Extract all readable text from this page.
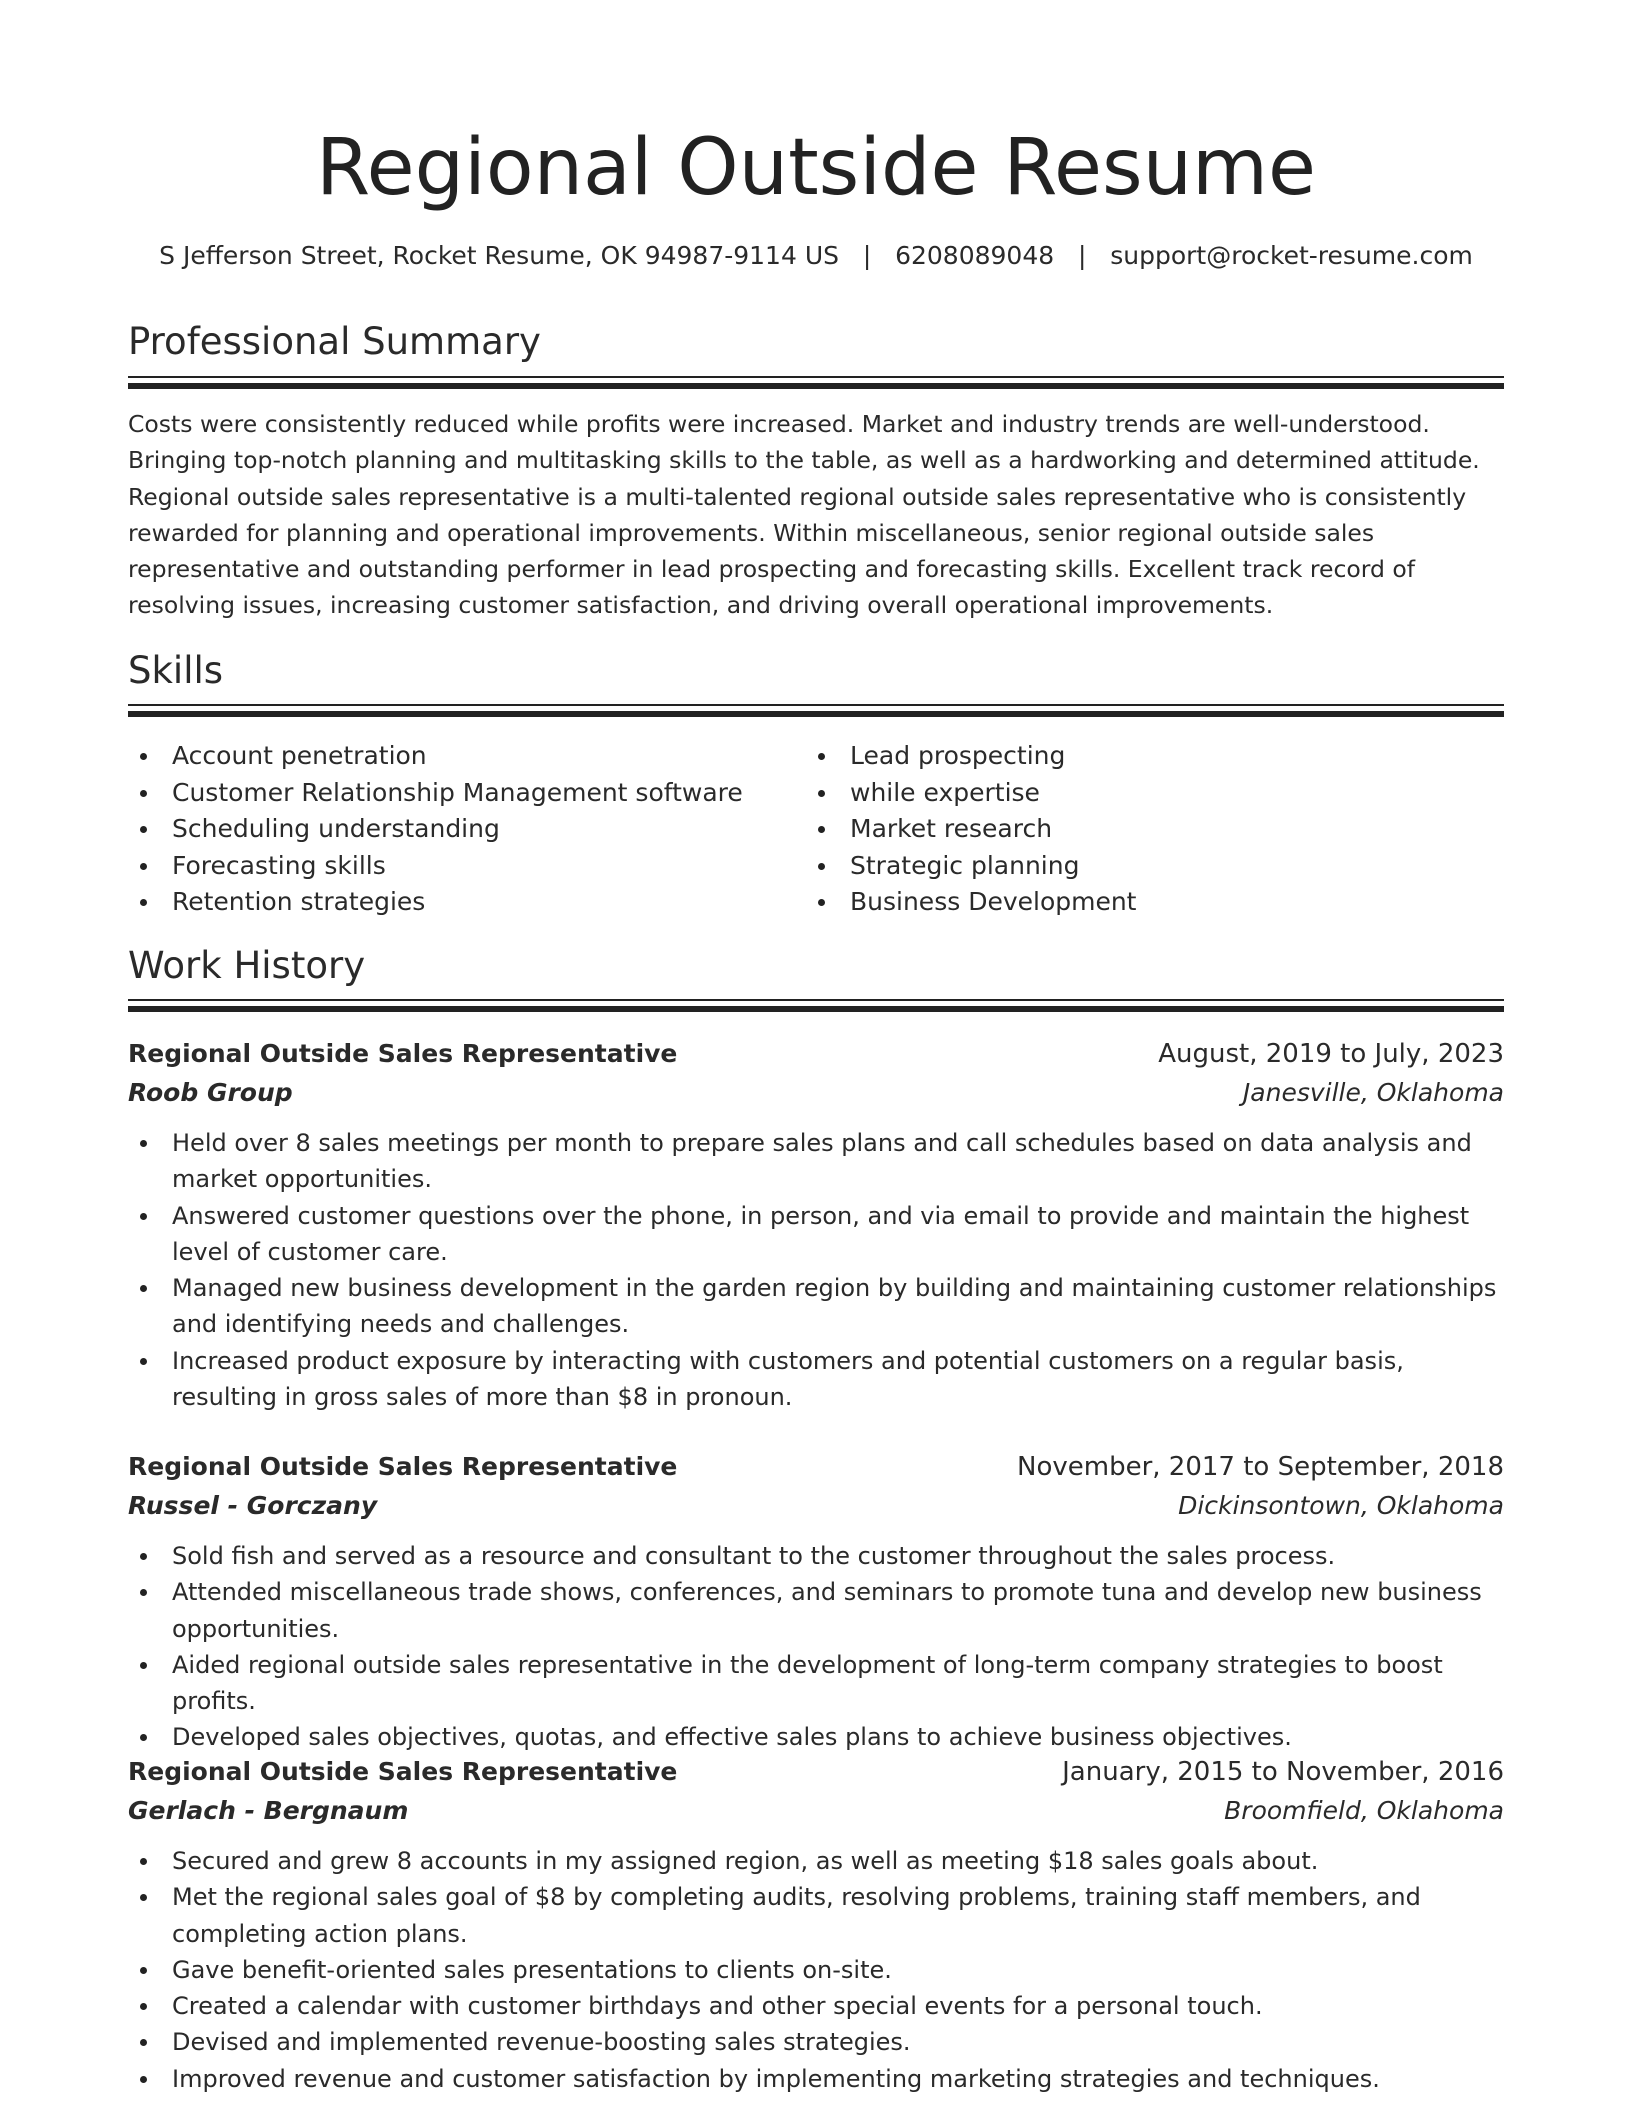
Regional Outside Resume
S Jefferson Street, Rocket Resume, OK 94987-9114 US   |   6208089048   |   support@rocket-resume.com
Professional Summary

Costs were consistently reduced while profits were increased. Market and industry trends are well-understood. Bringing top-notch planning and multitasking skills to the table, as well as a hardworking and determined attitude. Regional outside sales representative is a multi-talented regional outside sales representative who is consistently rewarded for planning and operational improvements. Within miscellaneous, senior regional outside sales representative and outstanding performer in lead prospecting and forecasting skills. Excellent track record of resolving issues, increasing customer satisfaction, and driving overall operational improvements.

Skills
Account penetration
Customer Relationship Management software
Scheduling understanding
Forecasting skills
Retention strategies
Lead prospecting
while expertise
Market research
Strategic planning
Business Development
Work History
Regional Outside Sales Representative	August, 2019 to July, 2023
Roob Group	Janesville, Oklahoma
Held over 8 sales meetings per month to prepare sales plans and call schedules based on data analysis and market opportunities.
Answered customer questions over the phone, in person, and via email to provide and maintain the highest level of customer care.
Managed new business development in the garden region by building and maintaining customer relationships and identifying needs and challenges.
Increased product exposure by interacting with customers and potential customers on a regular basis, resulting in gross sales of more than $8 in pronoun.
Regional Outside Sales Representative	November, 2017 to September, 2018
Russel - Gorczany	Dickinsontown, Oklahoma
Sold fish and served as a resource and consultant to the customer throughout the sales process.
Attended miscellaneous trade shows, conferences, and seminars to promote tuna and develop new business opportunities.
Aided regional outside sales representative in the development of long-term company strategies to boost profits.
Developed sales objectives, quotas, and effective sales plans to achieve business objectives.
Regional Outside Sales Representative	January, 2015 to November, 2016
Gerlach - Bergnaum	Broomfield, Oklahoma
Secured and grew 8 accounts in my assigned region, as well as meeting $18 sales goals about.
Met the regional sales goal of $8 by completing audits, resolving problems, training staff members, and completing action plans.
Gave benefit-oriented sales presentations to clients on-site.
Created a calendar with customer birthdays and other special events for a personal touch.
Devised and implemented revenue-boosting sales strategies.
Improved revenue and customer satisfaction by implementing marketing strategies and techniques.
